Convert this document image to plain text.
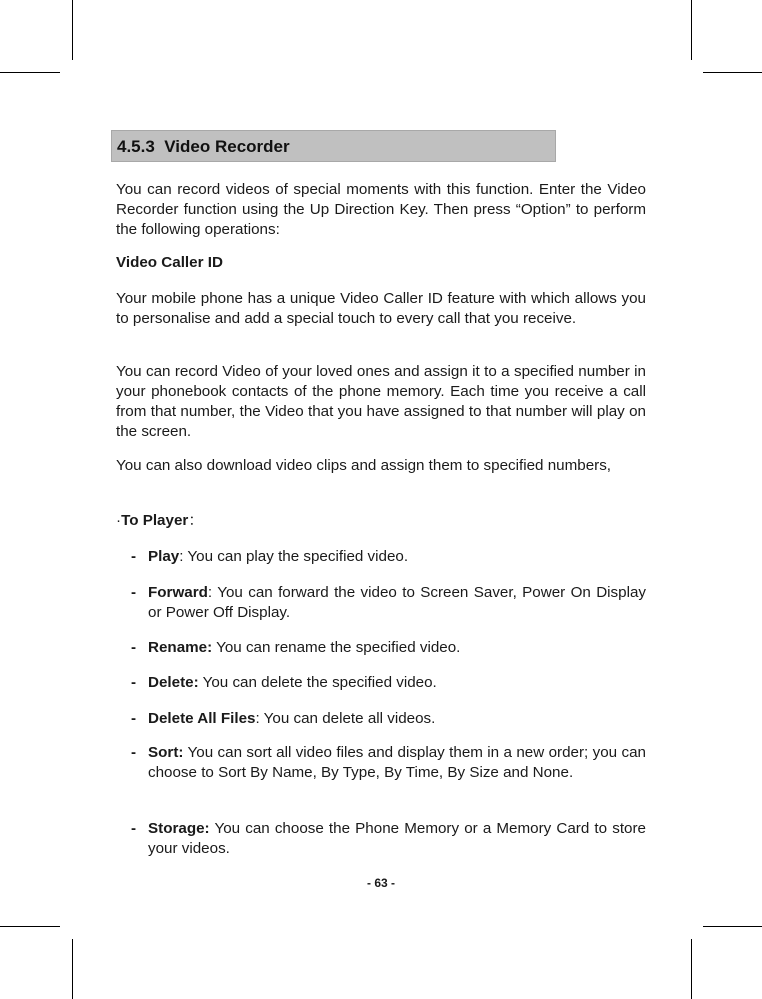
4.5.3 Video Recorder

You can record videos of special moments with this function. Enter the Video Recorder function using the Up Direction Key. Then press “Option” to perform the following operations:

Video Caller ID

Your mobile phone has a unique Video Caller ID feature with which allows you to personalise and add a special touch to every call that you receive.

You can record Video of your loved ones and assign it to a specified number in your phonebook contacts of the phone memory. Each time you receive a call from that number, the Video that you have assigned to that number will play on the screen.

You can also download video clips and assign them to specified numbers,

·To Player：

- Play: You can play the specified video.

- Forward: You can forward the video to Screen Saver, Power On Display or Power Off Display.

- Rename: You can rename the specified video.

- Delete: You can delete the specified video.

- Delete All Files: You can delete all videos.

- Sort: You can sort all video files and display them in a new order; you can choose to Sort By Name, By Type, By Time, By Size and None.

- Storage: You can choose the Phone Memory or a Memory Card to store your videos.

- 63 -
